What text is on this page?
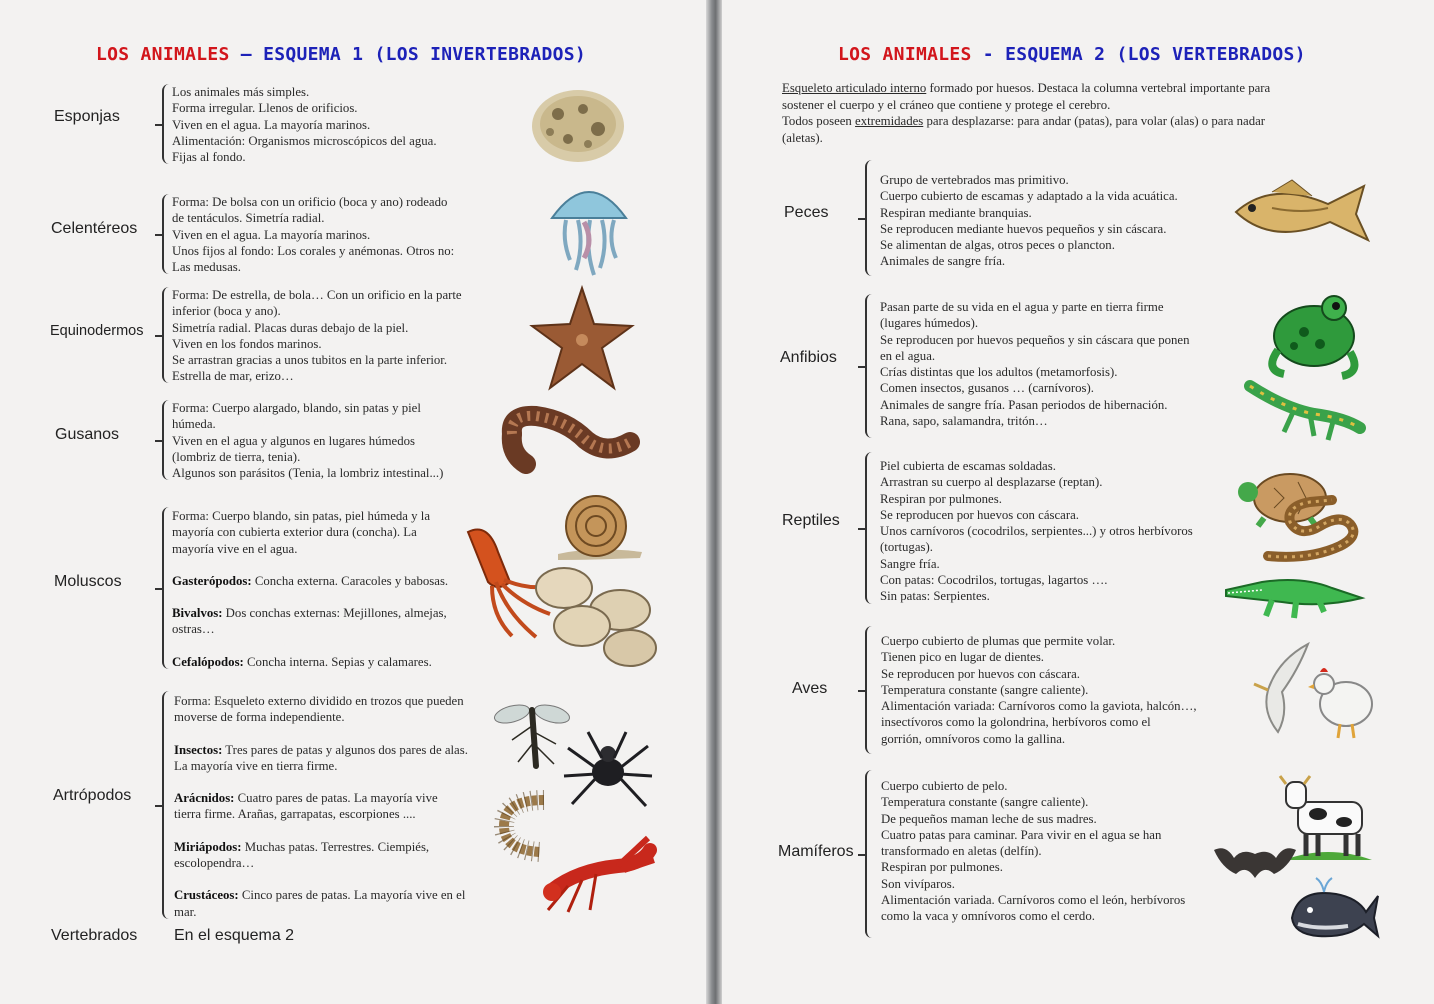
LOS ANIMALES – ESQUEMA 1 (LOS INVERTEBRADOS)
Esponjas

Los animales más simples.

Forma irregular. Llenos de orificios.

Viven en el agua. La mayoría marinos.

Alimentación: Organismos microscópicos del agua.

Fijas al fondo.

Celentéreos

Forma: De bolsa con un orificio (boca y ano) rodeado

de tentáculos. Simetría radial.

Viven en el agua. La mayoría marinos.

Unos fijos al fondo: Los corales y anémonas. Otros no:

Las medusas.

Equinodermos

Forma: De estrella, de bola… Con un orificio en la parte

inferior (boca y ano).

Simetría radial. Placas duras debajo de la piel.

Viven en los fondos marinos.

Se arrastran gracias a unos tubitos en la parte inferior.

Estrella de mar, erizo…

Gusanos

Forma: Cuerpo alargado, blando, sin patas y piel

húmeda.

Viven en el agua y algunos en lugares húmedos

(lombriz de tierra, tenia).

Algunos son parásitos (Tenia, la lombriz intestinal...)

Moluscos

Forma: Cuerpo blando, sin patas, piel húmeda y la

mayoría con cubierta exterior dura (concha). La

mayoría vive en el agua.

Gasterópodos: Concha externa. Caracoles y babosas.

Bivalvos: Dos conchas externas: Mejillones, almejas,

ostras…

Cefalópodos: Concha interna. Sepias y calamares.

Artrópodos

Forma: Esqueleto externo dividido en trozos que pueden

moverse de forma independiente.

Insectos: Tres pares de patas y algunos dos pares de alas.

La mayoría vive en tierra firme.

Arácnidos: Cuatro pares de patas. La mayoría vive

tierra firme. Arañas, garrapatas, escorpiones ....

Miriápodos: Muchas patas. Terrestres. Ciempiés,

escolopendra…

Crustáceos: Cinco pares de patas. La mayoría vive en el

mar.

Vertebrados En el esquema 2
LOS ANIMALES - ESQUEMA 2 (LOS VERTEBRADOS)

Esqueleto articulado interno formado por huesos. Destaca la columna vertebral importante para

sostener el cuerpo y el cráneo que contiene y protege el cerebro.

Todos poseen extremidades para desplazarse: para andar (patas), para volar (alas) o para nadar

(aletas).

Peces

Grupo de vertebrados mas primitivo.

Cuerpo cubierto de escamas y adaptado a la vida acuática.

Respiran mediante branquias.

Se reproducen mediante huevos pequeños y sin cáscara.

Se alimentan de algas, otros peces o plancton.

Animales de sangre fría.

Anfibios

Pasan parte de su vida en el agua y parte en tierra firme

(lugares húmedos).

Se reproducen por huevos pequeños y sin cáscara que ponen

en el agua.

Crías distintas que los adultos (metamorfosis).

Comen insectos, gusanos … (carnívoros).

Animales de sangre fría. Pasan periodos de hibernación.

Rana, sapo, salamandra, tritón…

Reptiles

Piel cubierta de escamas soldadas.

Arrastran su cuerpo al desplazarse (reptan).

Respiran por pulmones.

Se reproducen por huevos con cáscara.

Unos carnívoros (cocodrilos, serpientes...) y otros herbívoros

(tortugas).

Sangre fría.

Con patas: Cocodrilos, tortugas, lagartos ….

Sin patas: Serpientes.

Aves

Cuerpo cubierto de plumas que permite volar.

Tienen pico en lugar de dientes.

Se reproducen por huevos con cáscara.

Temperatura constante (sangre caliente).

Alimentación variada: Carnívoros como la gaviota, halcón…,

insectívoros como la golondrina, herbívoros como el

gorrión, omnívoros como la gallina.

Mamíferos

Cuerpo cubierto de pelo.

Temperatura constante (sangre caliente).

De pequeños maman leche de sus madres.

Cuatro patas para caminar. Para vivir en el agua se han

transformado en aletas (delfín).

Respiran por pulmones.

Son vivíparos.

Alimentación variada. Carnívoros como el león, herbívoros

como la vaca y omnívoros como el cerdo.
